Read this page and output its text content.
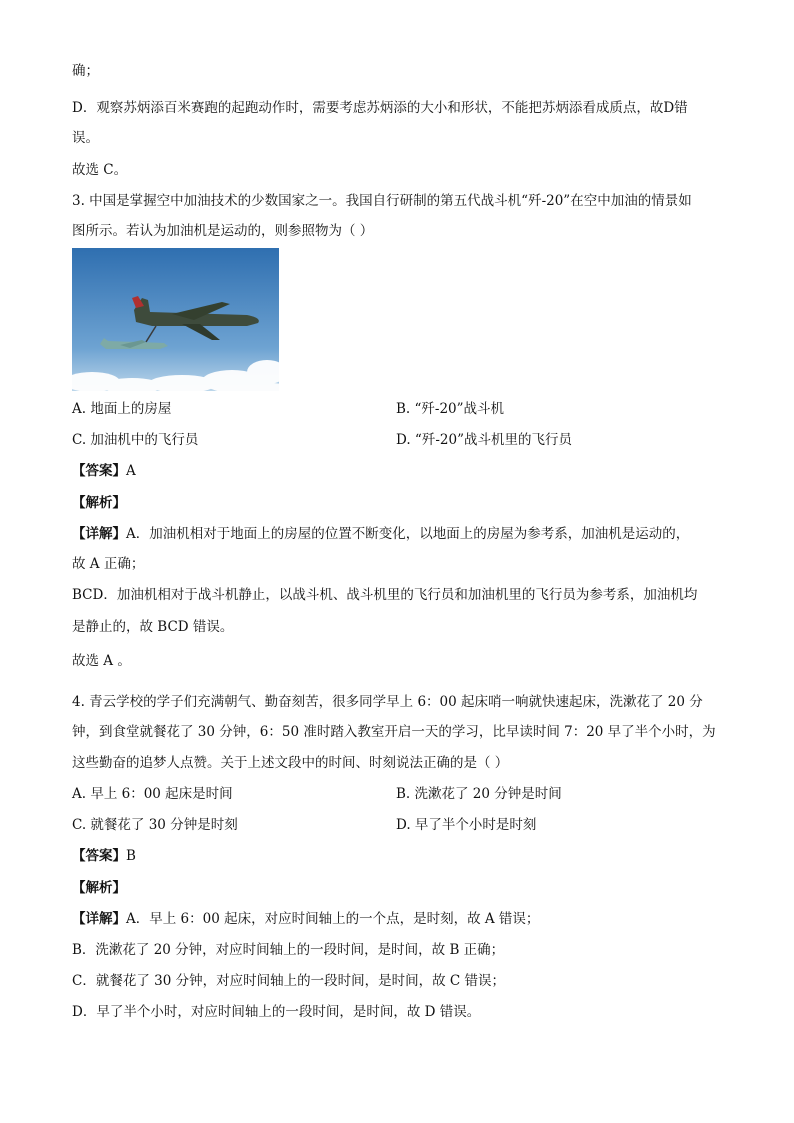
确；
D．观察苏炳添百米赛跑的起跑动作时，需要考虑苏炳添的大小和形状，不能把苏炳添看成质点，故D错
误。
故选 C。
3. 中国是掌握空中加油技术的少数国家之一。我国自行研制的第五代战斗机“歼-20”在空中加油的情景如
图所示。若认为加油机是运动的，则参照物为（ ）
A. 地面上的房屋	B. “歼-20”战斗机
C. 加油机中的飞行员	D. “歼-20”战斗机里的飞行员
【答案】A
【解析】
【详解】A．加油机相对于地面上的房屋的位置不断变化，以地面上的房屋为参考系，加油机是运动的，
故 A 正确；
BCD．加油机相对于战斗机静止，以战斗机、战斗机里的飞行员和加油机里的飞行员为参考系，加油机均
是静止的，故 BCD 错误。
故选 A 。
4. 青云学校的学子们充满朝气、勤奋刻苦，很多同学早上 6：00 起床哨一响就快速起床，洗漱花了 20 分
钟，到食堂就餐花了 30 分钟，6：50 准时踏入教室开启一天的学习，比早读时间 7：20 早了半个小时，为
这些勤奋的追梦人点赞。关于上述文段中的时间、时刻说法正确的是（ ）
A. 早上 6：00 起床是时间	B. 洗漱花了 20 分钟是时间
C. 就餐花了 30 分钟是时刻	D. 早了半个小时是时刻
【答案】B
【解析】
【详解】A．早上 6：00 起床，对应时间轴上的一个点，是时刻，故 A 错误；
B．洗漱花了 20 分钟，对应时间轴上的一段时间，是时间，故 B 正确；
C．就餐花了 30 分钟，对应时间轴上的一段时间，是时间，故 C 错误；
D．早了半个小时，对应时间轴上的一段时间，是时间，故 D 错误。
